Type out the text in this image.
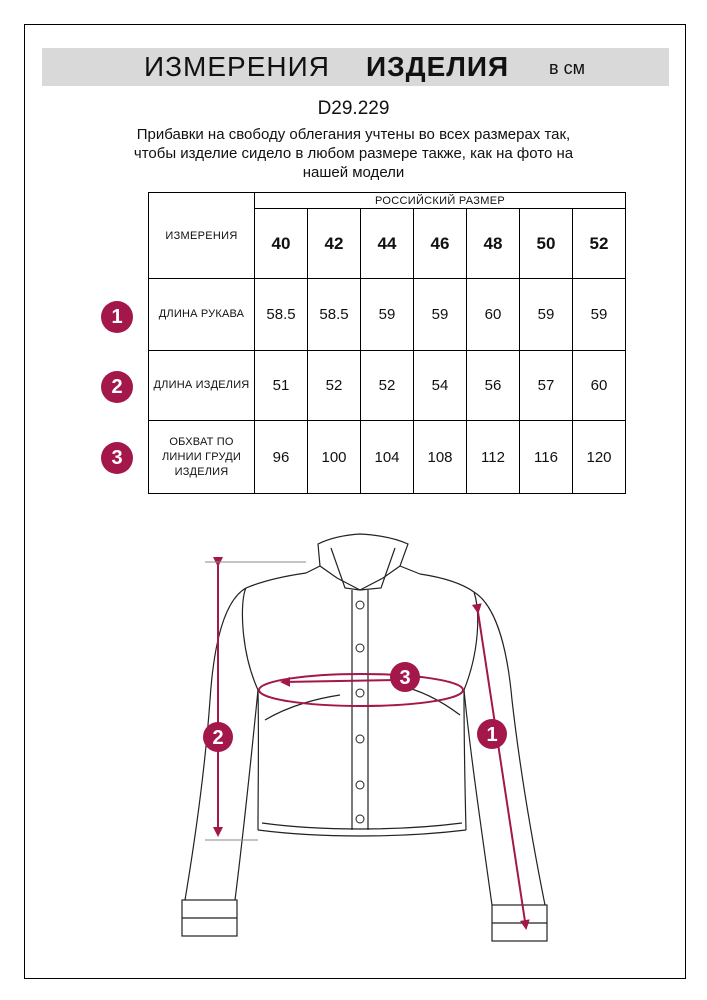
ИЗМЕРЕНИЯ ИЗДЕЛИЯ в см
D29.229
Прибавки на свободу облегания учтены во всех размерах так,
чтобы изделие сидело в любом размере также, как на фото на
нашей модели
ИЗМЕРЕНИЯ	РОССИЙСКИЙ РАЗМЕР						
	40	42	44	46	48	50	52
ДЛИНА РУКАВА	58.5	58.5	59	59	60	59	59
ДЛИНА ИЗДЕЛИЯ	51	52	52	54	56	57	60

ОБХВАТ ПО
ЛИНИИ ГРУДИ
ИЗДЕЛИЯ	96	100	104	108	112	116	120
1
2
3
2
3
1
